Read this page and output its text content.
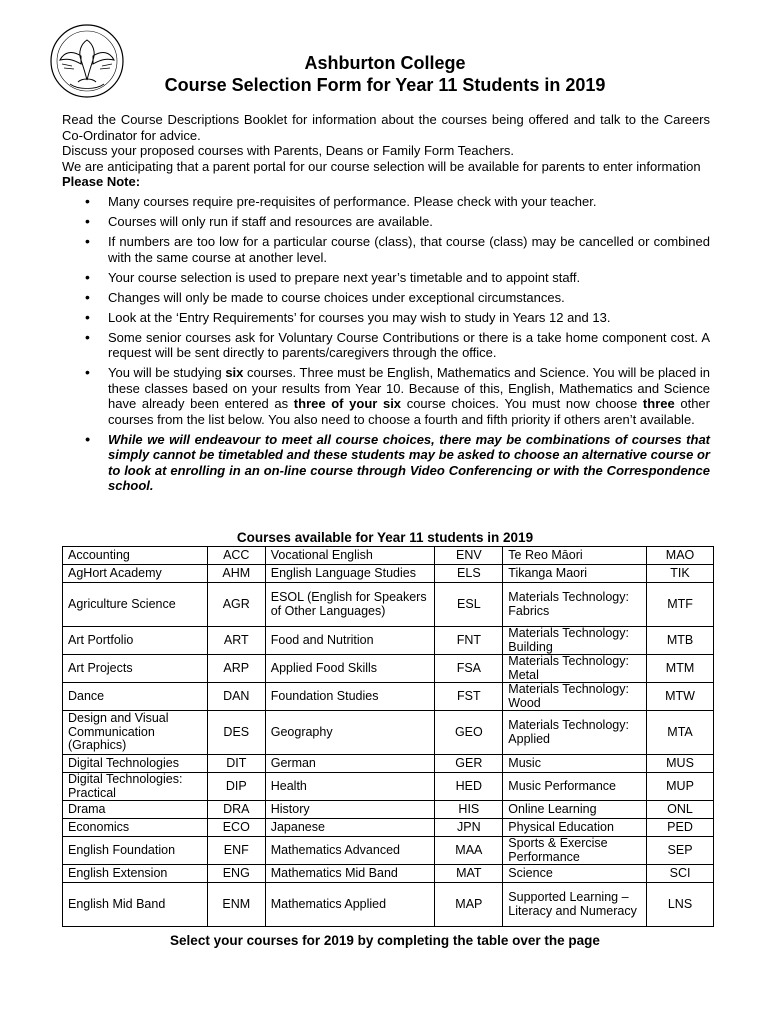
Ashburton College
Course Selection Form for Year 11 Students in 2019

Read the Course Descriptions Booklet for information about the courses being offered and talk to the Careers Co-Ordinator for advice.

Discuss your proposed courses with Parents, Deans or Family Form Teachers.

We are anticipating that a parent portal for our course selection will be available for parents to enter information

Please Note:

• Many courses require pre-requisites of performance. Please check with your teacher.
• Courses will only run if staff and resources are available.
• If numbers are too low for a particular course (class), that course (class) may be cancelled or combined with the same course at another level.
• Your course selection is used to prepare next year’s timetable and to appoint staff.
• Changes will only be made to course choices under exceptional circumstances.
• Look at the ‘Entry Requirements’ for courses you may wish to study in Years 12 and 13.
• Some senior courses ask for Voluntary Course Contributions or there is a take home component cost. A request will be sent directly to parents/caregivers through the office.
• You will be studying six courses. Three must be English, Mathematics and Science. You will be placed in these classes based on your results from Year 10. Because of this, English, Mathematics and Science have already been entered as three of your six course choices. You must now choose three other courses from the list below. You also need to choose a fourth and fifth priority if others aren’t available.
• While we will endeavour to meet all course choices, there may be combinations of courses that simply cannot be timetabled and these students may be asked to choose an alternative course or to look at enrolling in an on-line course through Video Conferencing or with the Correspondence school.
Courses available for Year 11 students in 2019
Accounting	ACC	Vocational English	ENV	Te Reo Māori	MAO
AgHort Academy	AHM	English Language Studies	ELS	Tikanga Maori	TIK
Agriculture Science	AGR	ESOL (English for Speakers of Other Languages)	ESL	Materials Technology: Fabrics	MTF
Art Portfolio	ART	Food and Nutrition	FNT	Materials Technology: Building	MTB
Art Projects	ARP	Applied Food Skills	FSA	Materials Technology: Metal	MTM
Dance	DAN	Foundation Studies	FST	Materials Technology: Wood	MTW
Design and Visual Communication (Graphics)	DES	Geography	GEO	Materials Technology: Applied	MTA
Digital Technologies	DIT	German	GER	Music	MUS
Digital Technologies: Practical	DIP	Health	HED	Music Performance	MUP
Drama	DRA	History	HIS	Online Learning	ONL
Economics	ECO	Japanese	JPN	Physical Education	PED
English Foundation	ENF	Mathematics Advanced	MAA	Sports & Exercise Performance	SEP
English Extension	ENG	Mathematics Mid Band	MAT	Science	SCI
English Mid Band	ENM	Mathematics Applied	MAP	Supported Learning – Literacy and Numeracy	LNS
Select your courses for 2019 by completing the table over the page
